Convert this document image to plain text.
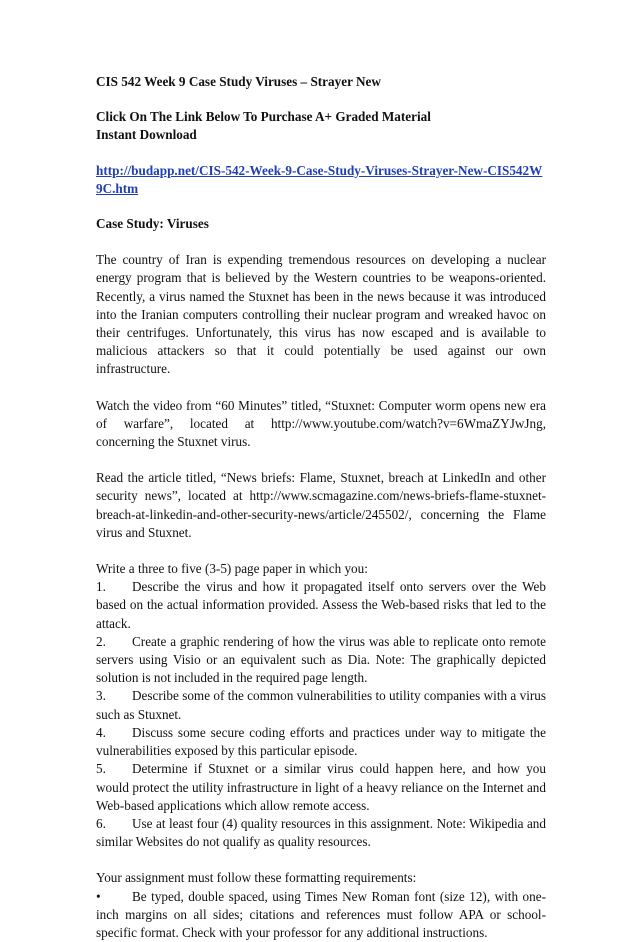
CIS 542 Week 9 Case Study Viruses – Strayer New
Click On The Link Below To Purchase A+ Graded Material
Instant Download
http://budapp.net/CIS-542-Week-9-Case-Study-Viruses-Strayer-New-CIS542W9C.htm
Case Study: Viruses

The country of Iran is expending tremendous resources on developing a nuclear energy program that is believed by the Western countries to be weapons-oriented. Recently, a virus named the Stuxnet has been in the news because it was introduced into the Iranian computers controlling their nuclear program and wreaked havoc on their centrifuges. Unfortunately, this virus has now escaped and is available to malicious attackers so that it could potentially be used against our own infrastructure.

Watch the video from “60 Minutes” titled, “Stuxnet: Computer worm opens new era of warfare”, located at http://www.youtube.com/watch?v=6WmaZYJwJng, concerning the Stuxnet virus.

Read the article titled, “News briefs: Flame, Stuxnet, breach at LinkedIn and other security news”, located at http://www.scmagazine.com/news-briefs-flame-stuxnet-breach-at-linkedin-and-other-security-news/article/245502/, concerning the Flame virus and Stuxnet.

Write a three to five (3-5) page paper in which you:
1. Describe the virus and how it propagated itself onto servers over the Web based on the actual information provided. Assess the Web-based risks that led to the attack.
2. Create a graphic rendering of how the virus was able to replicate onto remote servers using Visio or an equivalent such as Dia. Note: The graphically depicted solution is not included in the required page length.
3. Describe some of the common vulnerabilities to utility companies with a virus such as Stuxnet.
4. Discuss some secure coding efforts and practices under way to mitigate the vulnerabilities exposed by this particular episode.
5. Determine if Stuxnet or a similar virus could happen here, and how you would protect the utility infrastructure in light of a heavy reliance on the Internet and Web-based applications which allow remote access.
6. Use at least four (4) quality resources in this assignment. Note: Wikipedia and similar Websites do not qualify as quality resources.
Your assignment must follow these formatting requirements:
• Be typed, double spaced, using Times New Roman font (size 12), with one-inch margins on all sides; citations and references must follow APA or school-specific format. Check with your professor for any additional instructions.
